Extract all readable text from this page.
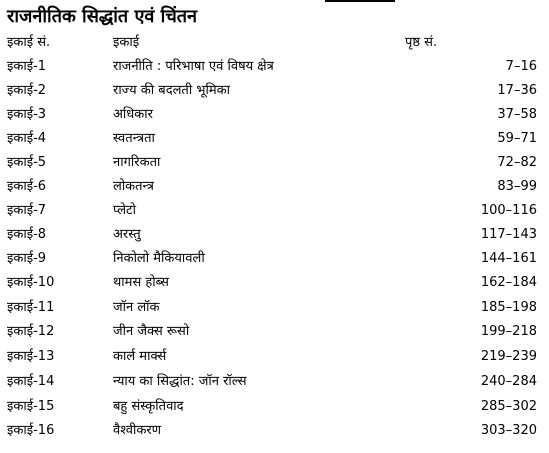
राजनीतिक सिद्धांत एवं चिंतन
इकाई सं.	इकाई	पृष्ठ सं.
इकाई-1	राजनीति : परिभाषा एवं विषय क्षेत्र	7–16
इकाई-2	राज्य की बदलती भूमिका	17–36
इकाई-3	अधिकार	37–58
इकाई-4	स्वतन्त्रता	59–71
इकाई-5	नागरिकता	72–82
इकाई-6	लोकतन्त्र	83–99
इकाई-7	प्लेटो	100–116
इकाई-8	अरस्तु	117–143
इकाई-9	निकोलो मैकियावली	144–161
इकाई-10	थामस होब्स	162–184
इकाई-11	जॉन लॉक	185–198
इकाई-12	जीन जैक्स रूसो	199–218
इकाई-13	कार्ल मार्क्स	219–239
इकाई-14	न्याय का सिद्धांत: जॉन रॉल्स	240–284
इकाई-15	बहु संस्कृतिवाद	285–302
इकाई-16	वैश्वीकरण	303–320
